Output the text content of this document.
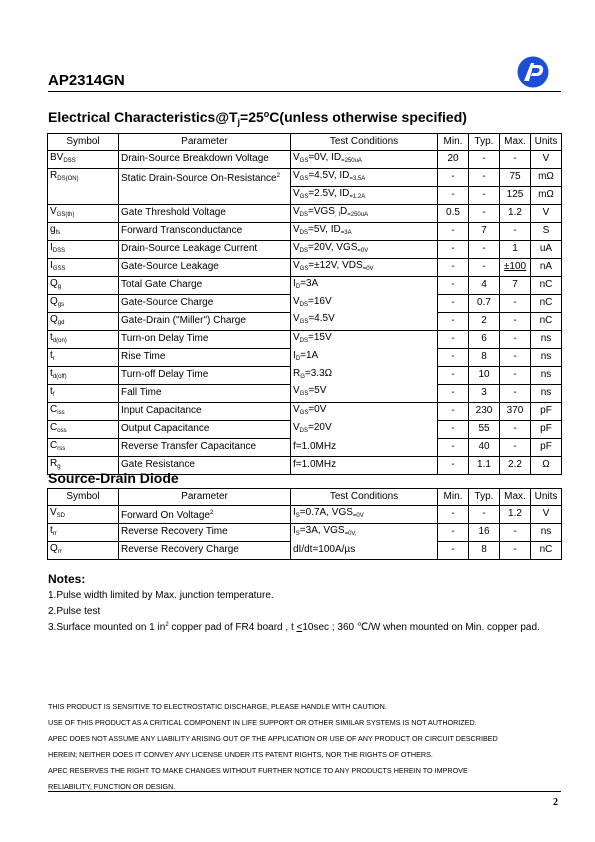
AP2314GN
Electrical $Characteristics@T_j=25^oC(unless$ otherwise specified)
Symbol	Parameter	Test Conditions	Min.	Typ.	Max.	Units
$BV_{DSS}$	Drain-Source Breakdown Voltage	$V_{GS}=0V$, $ID_{=250uA}$	20	-	-	V
$R_{DS(ON)}$	Static Drain-Source On-Resistance$^2$	$V_{GS}=4.5V$, $ID_{=3.5A}$	-	-	75	mΩ
		$V_{GS}=2.5V$, $ID_{=1.2A}$	-	-	125	mΩ
$V_{GS(th)}$	Gate Threshold Voltage	$V_{DS}=VGS_{, I}D_{=250uA}$	0.5	-	1.2	V
$g_{fs}$	Forward Transconductance	$V_{DS}=5V$, $ID_{=3A}$	-	7	-	S
$I_{DSS}$	Drain-Source Leakage Current	$V_{DS}=20V$, $VGS_{=0V}$	-	-	1	uA
$I_{GSS}$	Gate-Source Leakage	$V_{GS}=\pm 12V$, $VDS_{=0V}$	-	-	±100	nA
$Q_g$	Total Gate Charge	$I_D=3A$	-	4	7	nC
$Q_{gs}$	Gate-Source Charge	$V_{DS}=16V$	-	0.7	-	nC
$Q_{gd}$	Gate-Drain ("Miller") Charge	$V_{GS}=4.5V$	-	2	-	nC
$t_{d(on)}$	Turn-on Delay Time	$V_{DS}=15V$	-	6	-	ns
$t_r$	Rise Time	$I_D=1A$	-	8	-	ns
$t_{d(off)}$	Turn-off Delay Time	$R_G=3.3\Omega$	-	10	-	ns
$t_f$	Fall Time	$V_{GS}=5V$	-	3	-	ns
$C_{iss}$	Input Capacitance	$V_{GS}=0V$	-	230	370	pF
$C_{oss}$	Output Capacitance	$V_{DS}=20V$	-	55	-	pF
$C_{rss}$	Reverse Transfer Capacitance	f=1.0MHz	-	40	-	pF
$R_g$	Gate Resistance	f=1.0MHz	-	1.1	2.2	Ω
Source-Drain Diode
Symbol	Parameter	Test Conditions	Min.	Typ.	Max.	Units
$V_{SD}$	Forward On Voltage$^2$	$I_S=0.7A$, $VGS_{=0V}$	-	-	1.2	V
$t_{rr}$	Reverse Recovery Time	$I_S=3A$, $VGS_{=0V,}$	-	16	-	ns
$Q_{rr}$	Reverse Recovery Charge	dI/dt=100A/µs	-	8	-	nC
Notes:
1.Pulse width limited by Max. junction temperature.
2.Pulse test
3.Surface mounted on 1 $in^2$ copper pad of FR4 board , t <10sec ; 360 ℃/W when mounted on Min. copper pad.
THIS PRODUCT IS SENSITIVE TO ELECTROSTATIC DISCHARGE, PLEASE HANDLE WITH CAUTION.
USE OF THIS PRODUCT AS A CRITICAL COMPONENT IN LIFE SUPPORT OR OTHER SIMILAR SYSTEMS IS NOT AUTHORIZED.
APEC DOES NOT ASSUME ANY LIABILITY ARISING OUT OF THE APPLICATION OR USE OF ANY PRODUCT OR CIRCUIT DESCRIBED
HEREIN; NEITHER DOES IT CONVEY ANY LICENSE UNDER ITS PATENT RIGHTS, NOR THE RIGHTS OF OTHERS.
APEC RESERVES THE RIGHT TO MAKE CHANGES WITHOUT FURTHER NOTICE TO ANY PRODUCTS HEREIN TO IMPROVE
RELIABILITY, FUNCTION OR DESIGN.
2
